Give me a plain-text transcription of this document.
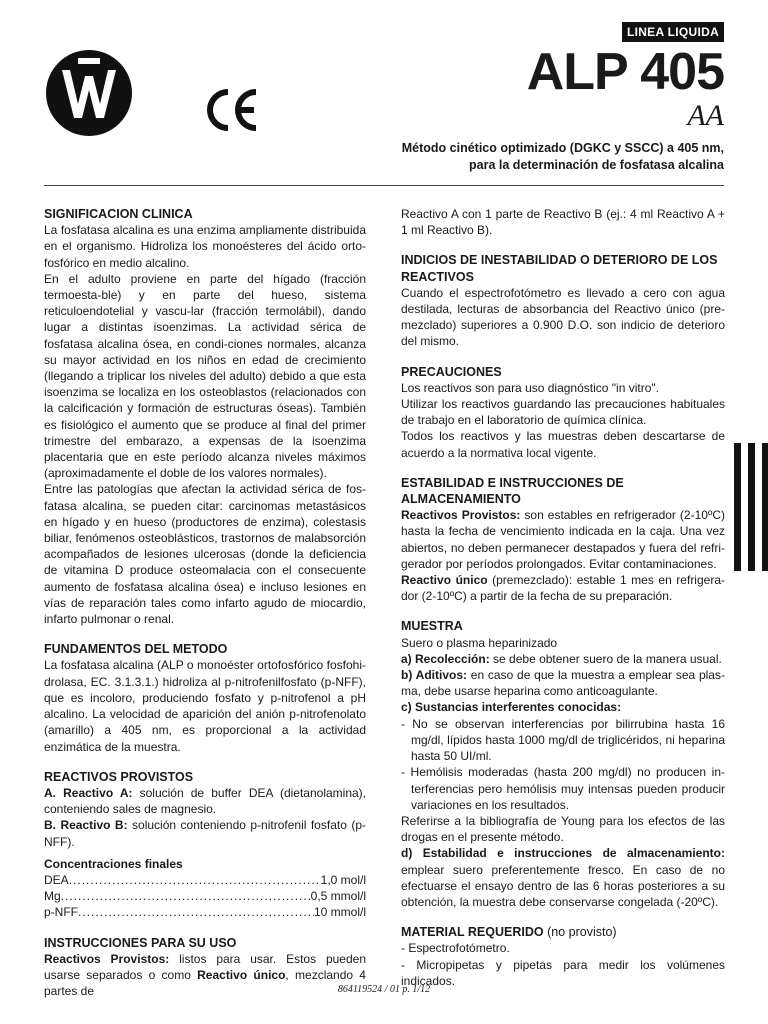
LINEA LIQUIDA
ALP 405
AA
Método cinético optimizado (DGKC y SSCC) a 405 nm,
para la determinación de fosfatasa alcalina
SIGNIFICACION CLINICA

La fosfatasa alcalina es una enzima ampliamente distribuida en el organismo. Hidroliza los monoésteres del ácido orto-fosfórico en medio alcalino.

En el adulto proviene en parte del hígado (fracción termoesta-ble) y en parte del hueso, sistema reticuloendotelial y vascu-lar (fracción termolábil), dando lugar a distintas isoenzimas. La actividad sérica de fosfatasa alcalina ósea, en condi-ciones normales, alcanza su mayor actividad en los niños en edad de crecimiento (llegando a triplicar los niveles del adulto) debido a que esta isoenzima se localiza en los osteoblastos (relacionados con la calcificación y formación de estructuras óseas). También es fisiológico el aumento que se produce al final del primer trimestre del embarazo, a expensas de la isoenzima placentaria que en este período alcanza niveles máximos (aproximadamente el doble de los valores normales).

Entre las patologías que afectan la actividad sérica de fos-fatasa alcalina, se pueden citar: carcinomas metastásicos en hígado y en hueso (productores de enzima), colestasis biliar, fenómenos osteoblásticos, trastornos de malabsorción acompañados de lesiones ulcerosas (donde la deficiencia de vitamina D produce osteomalacia con el consecuente aumento de fosfatasa alcalina ósea) e incluso lesiones en vías de reparación tales como infarto agudo de miocardio, infarto pulmonar o renal.

FUNDAMENTOS DEL METODO

La fosfatasa alcalina (ALP o monoéster ortofosfórico fosfohi-drolasa, EC. 3.1.3.1.) hidroliza al p-nitrofenilfosfato (p-NFF), que es incoloro, produciendo fosfato y p-nitrofenol a pH alcalino. La velocidad de aparición del anión p-nitrofenolato (amarillo) a 405 nm, es proporcional a la actividad enzimática de la muestra.

REACTIVOS PROVISTOS

A. Reactivo A: solución de buffer DEA (dietanolamina), conteniendo sales de magnesio.

B. Reactivo B: solución conteniendo p-nitrofenil fosfato (p-NFF).

Concentraciones finales
DEA .....	1,0 mol/l
Mg .....	0,5 mmol/l
p-NFF .....	10 mmol/l
INSTRUCCIONES PARA SU USO

Reactivos Provistos: listos para usar. Estos pueden usarse separados o como Reactivo único, mezclando 4 partes de

Reactivo A con 1 parte de Reactivo B (ej.: 4 ml Reactivo A + 1 ml Reactivo B).

INDICIOS DE INESTABILIDAD O DETERIORO DE LOS REACTIVOS

Cuando el espectrofotómetro es llevado a cero con agua destilada, lecturas de absorbancia del Reactivo único (pre-mezclado) superiores a 0.900 D.O. son indicio de deterioro del mismo.

PRECAUCIONES

Los reactivos son para uso diagnóstico "in vitro".

Utilizar los reactivos guardando las precauciones habituales de trabajo en el laboratorio de química clínica.

Todos los reactivos y las muestras deben descartarse de acuerdo a la normativa local vigente.

ESTABILIDAD E INSTRUCCIONES DE ALMACENAMIENTO

Reactivos Provistos: son estables en refrigerador (2-10ºC) hasta la fecha de vencimiento indicada en la caja. Una vez abiertos, no deben permanecer destapados y fuera del refri-gerador por períodos prolongados. Evitar contaminaciones.

Reactivo único (premezclado): estable 1 mes en refrigera-dor (2-10ºC) a partir de la fecha de su preparación.

MUESTRA

Suero o plasma heparinizado

a) Recolección: se debe obtener suero de la manera usual.

b) Aditivos: en caso de que la muestra a emplear sea plas-ma, debe usarse heparina como anticoagulante.

c) Sustancias interferentes conocidas:

- No se observan interferencias por bilirrubina hasta 16 mg/dl, lípidos hasta 1000 mg/dl de triglicéridos, ni heparina hasta 50 UI/ml.

- Hemólisis moderadas (hasta 200 mg/dl) no producen in-terferencias pero hemólisis muy intensas pueden producir variaciones en los resultados.

Referirse a la bibliografía de Young para los efectos de las drogas en el presente método.

d) Estabilidad e instrucciones de almacenamiento: emplear suero preferentemente fresco. En caso de no efectuarse el ensayo dentro de las 6 horas posteriores a su obtención, la muestra debe conservarse congelada (-20ºC).

MATERIAL REQUERIDO (no provisto)

- Espectrofotómetro.

- Micropipetas y pipetas para medir los volúmenes indicados.

864119524 / 01 p. 1/12
